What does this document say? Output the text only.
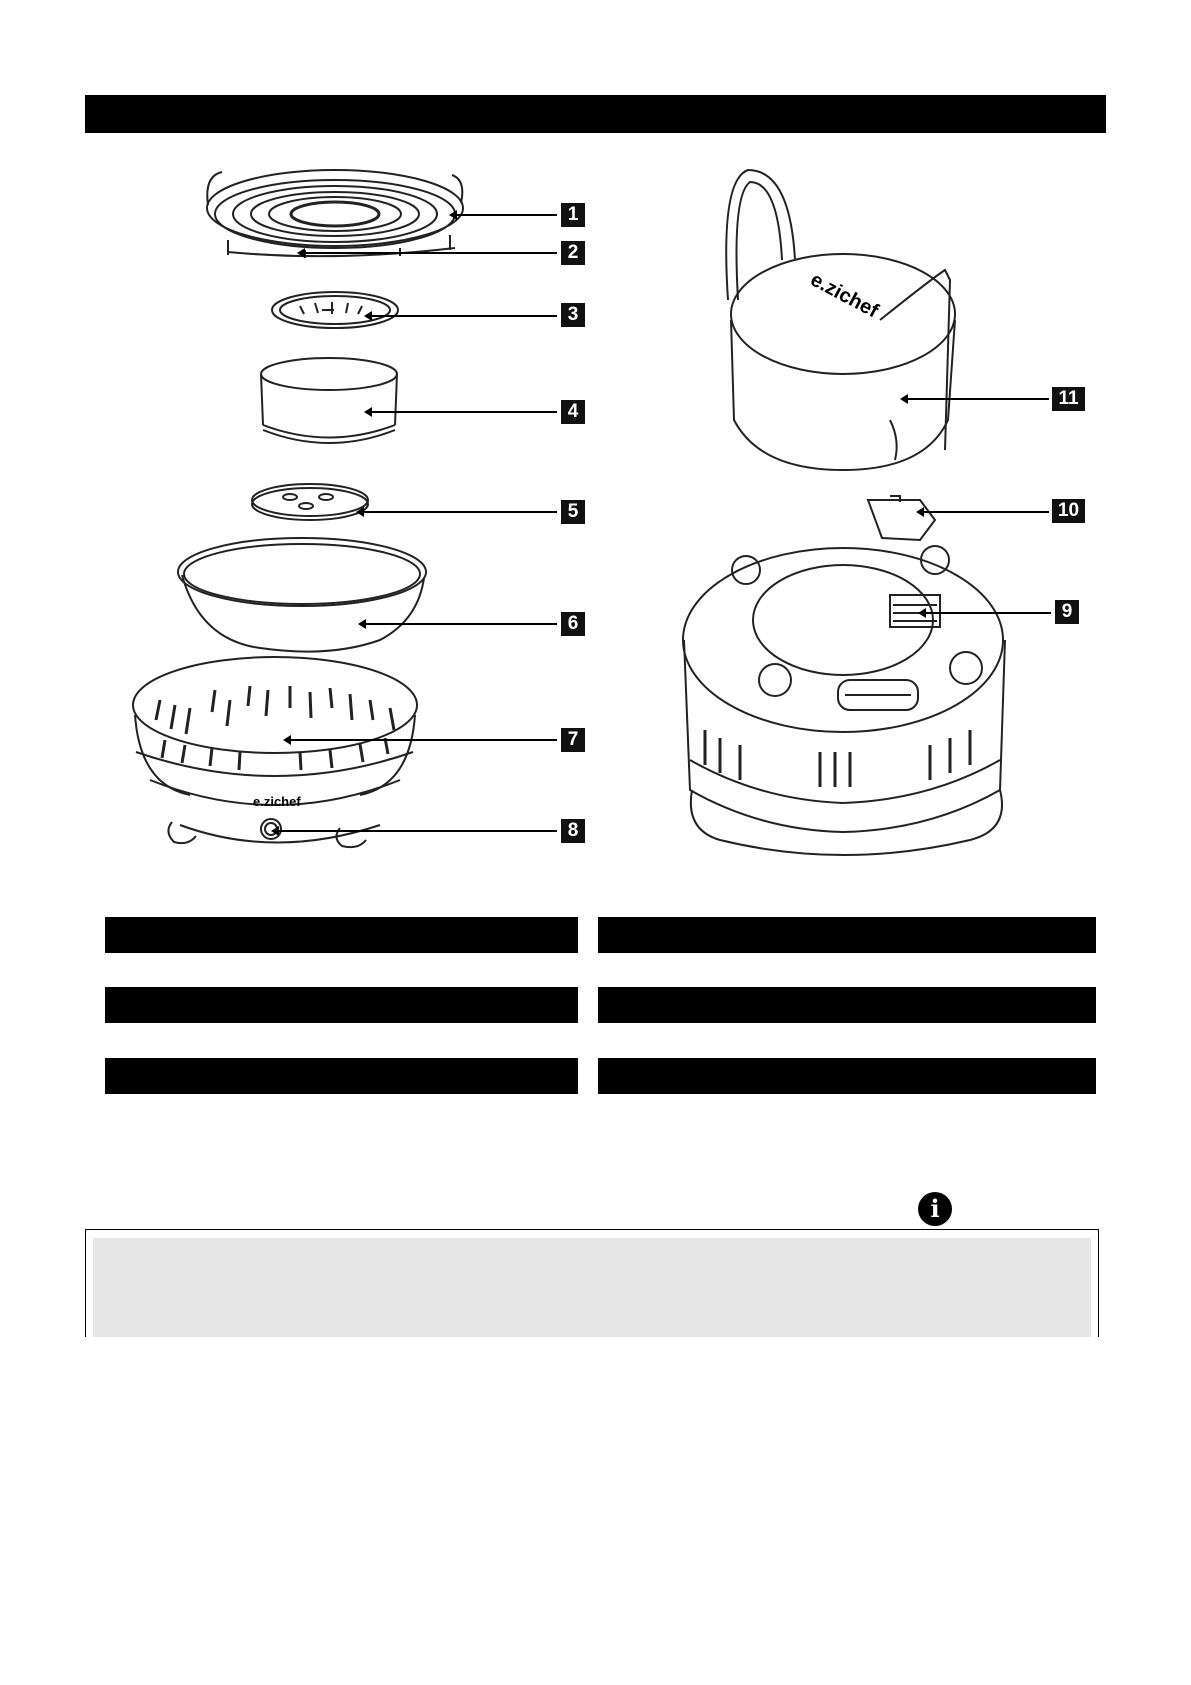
e.zichef
e.zichef
1
2
3
4
5
6
7
8
9
10
11
i
